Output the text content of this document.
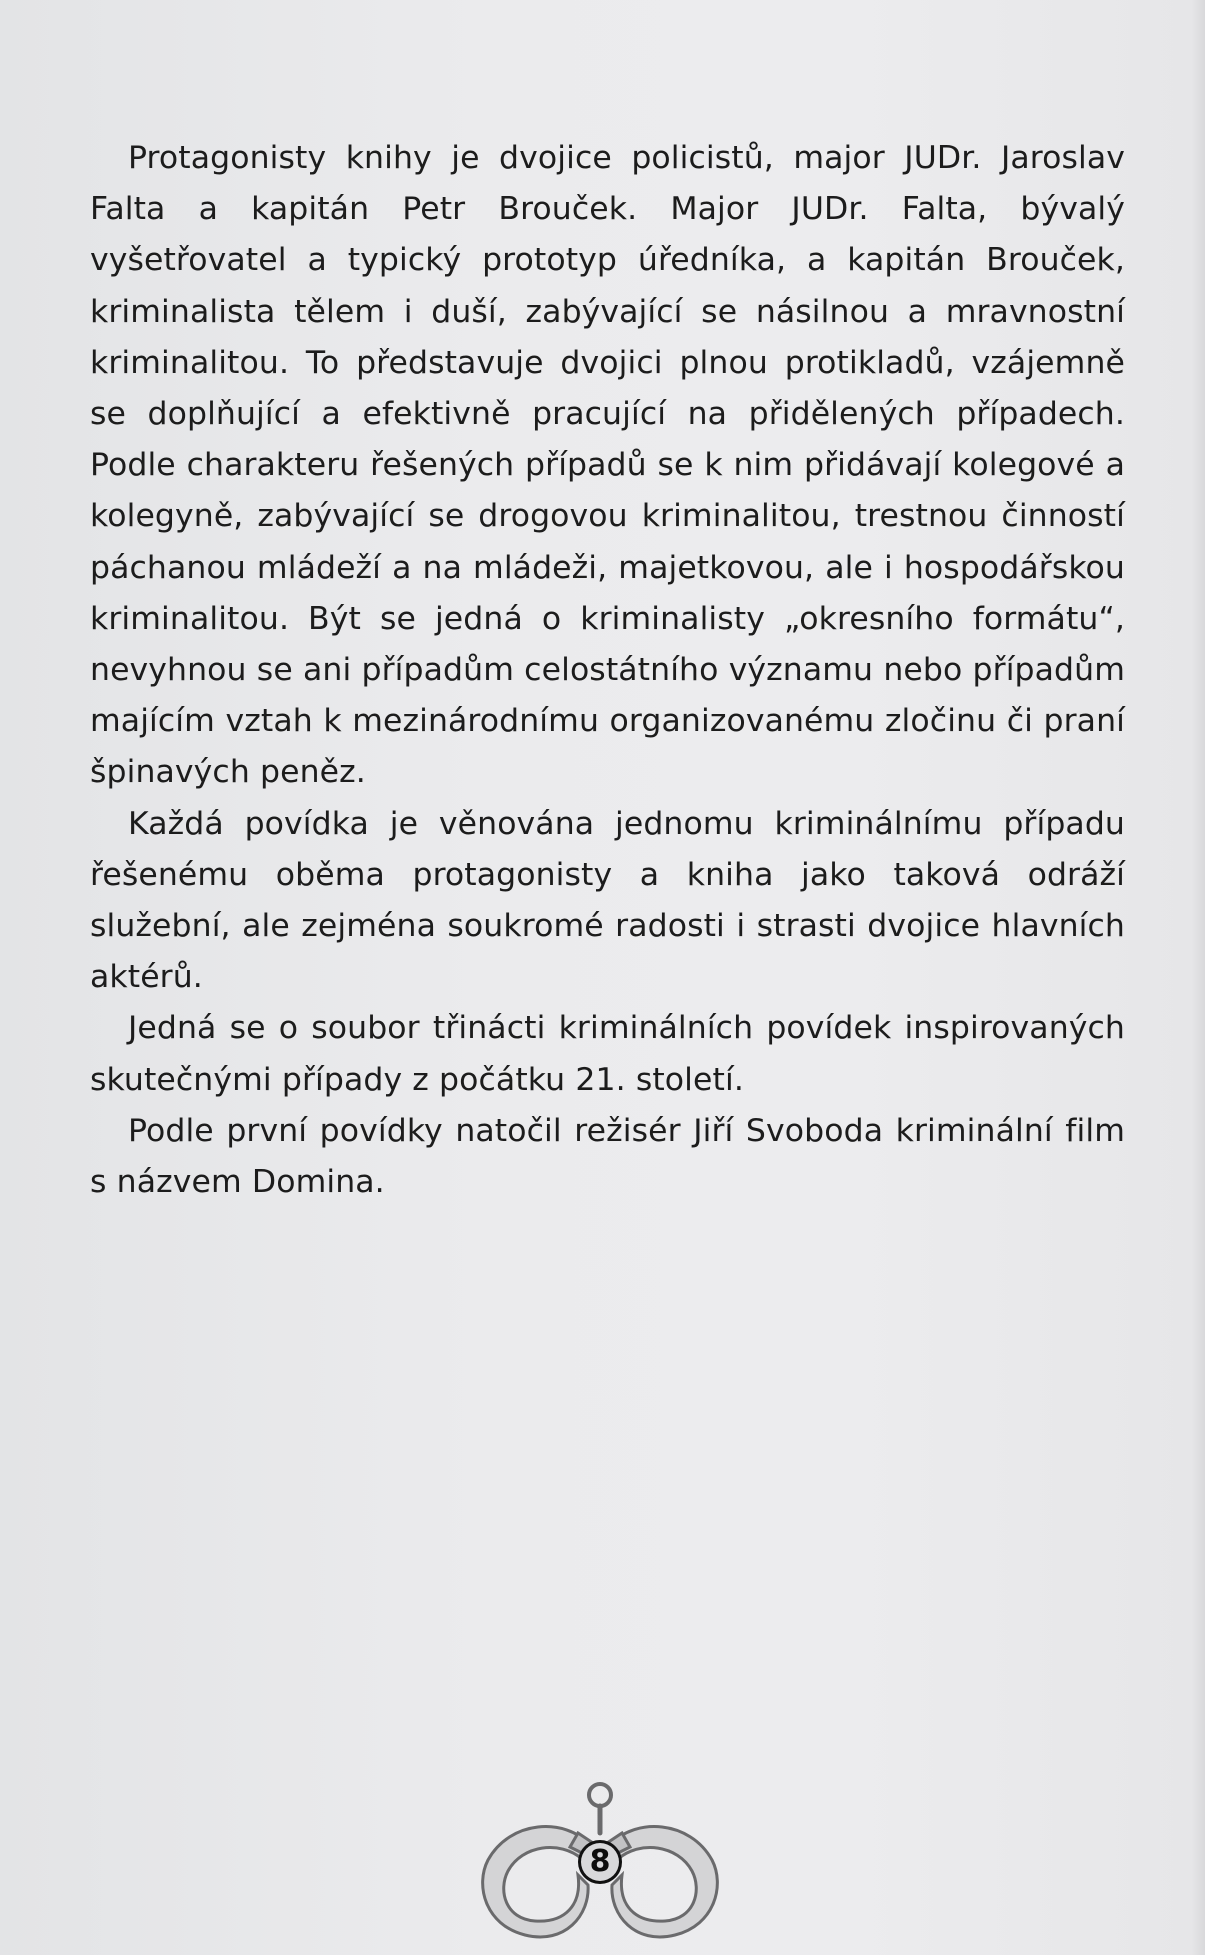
Protagonisty knihy je dvojice policistů, major JUDr. Jaroslav Falta a kapitán Petr Brouček. Major JUDr. Falta, bývalý vyšetřovatel a typický prototyp úředníka, a kapitán Brouček, kriminalista tělem i duší, zabývající se násilnou a mravnostní kriminalitou. To představuje dvojici plnou protikladů, vzájemně se doplňující a efektivně pracující na přidělených případech. Podle charakteru řešených případů se k nim přidávají kolegové a kolegyně, zabývající se drogovou kriminalitou, trestnou činností páchanou mládeží a na mládeži, majetkovou, ale i hospodářskou kriminalitou. Být se jedná o kriminalisty „okresního formátu“, nevyhnou se ani případům celostátního významu nebo případům majícím vztah k mezinárodnímu organizovanému zločinu či praní špinavých peněz.

Každá povídka je věnována jednomu kriminálnímu případu řešenému oběma protagonisty a kniha jako taková odráží služební, ale zejména soukromé radosti i strasti dvojice hlavních aktérů.

Jedná se o soubor třinácti kriminálních povídek inspirovaných skutečnými případy z počátku 21. století.

Podle první povídky natočil režisér Jiří Svoboda kriminální film s názvem Domina.

8
